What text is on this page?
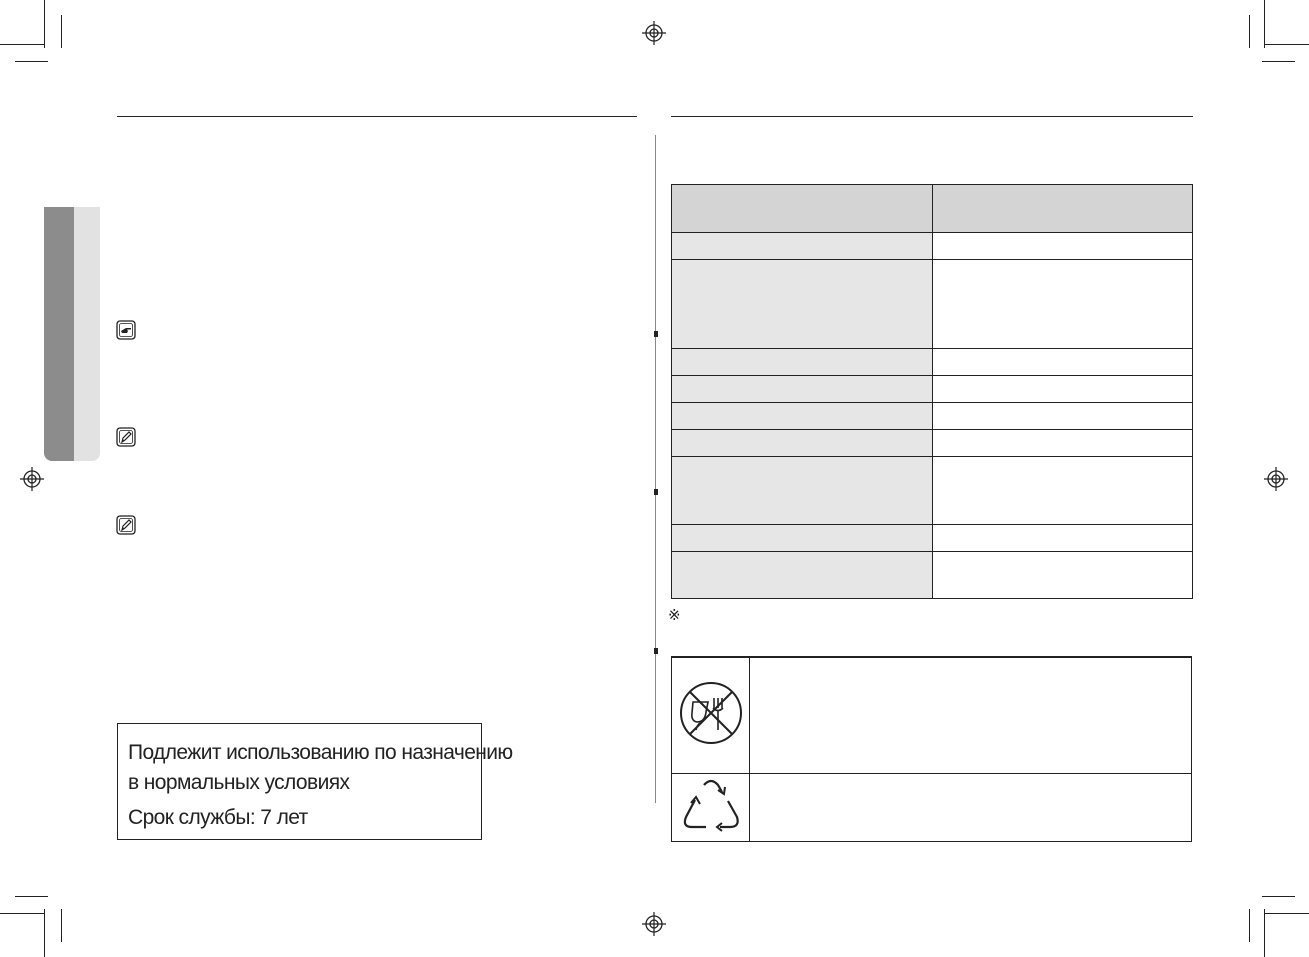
Подлежит использованию по назначению
в нормальных условиях
Срок службы: 7 лет

※
